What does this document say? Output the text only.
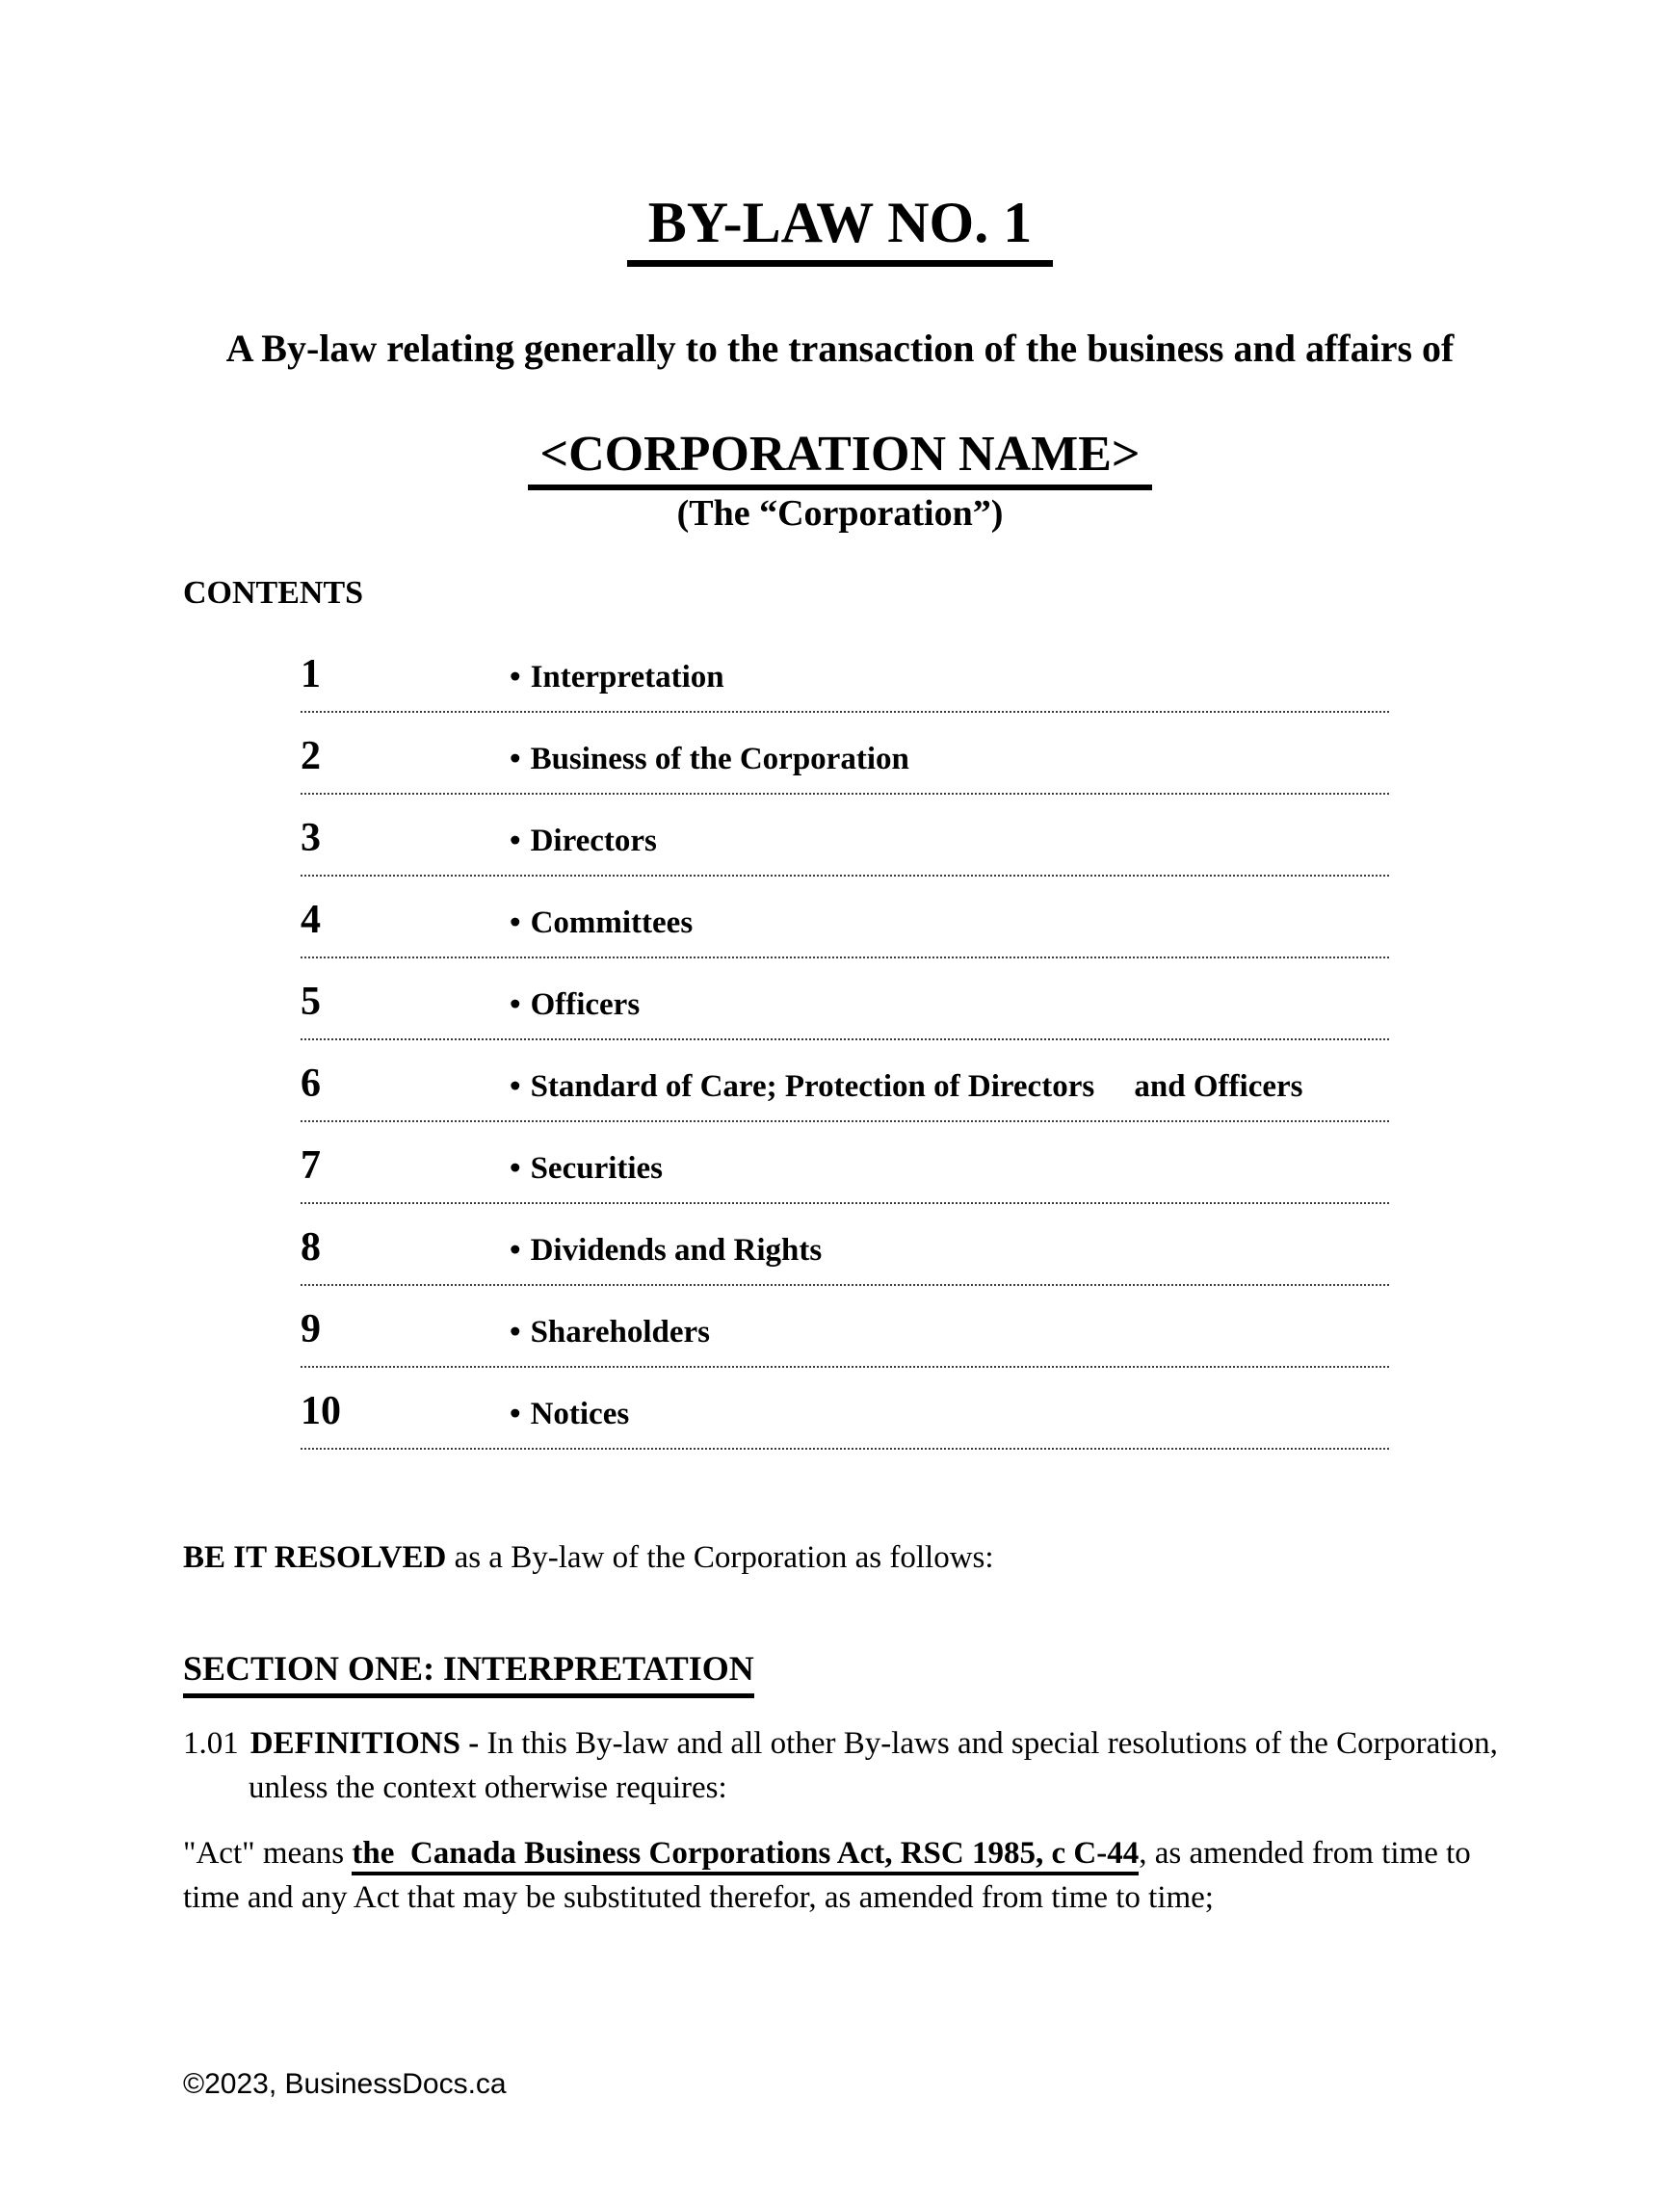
BY-LAW NO. 1

A By-law relating generally to the transaction of the business and affairs of

<CORPORATION NAME>

(The “Corporation”)

CONTENTS
1	• Interpretation
2	• Business of the Corporation
3	• Directors
4	• Committees
5	• Officers
6	• Standard of Care; Protection of Directors     and Officers
7	• Securities
8	• Dividends and Rights
9	• Shareholders
10	• Notices

BE IT RESOLVED as a By-law of the Corporation as follows:

SECTION ONE: INTERPRETATION

1.01 DEFINITIONS - In this By-law and all other By-laws and special resolutions of the Corporation, unless the context otherwise requires:

"Act" means the  Canada Business Corporations Act, RSC 1985, c C-44, as amended from time to time and any Act that may be substituted therefor, as amended from time to time;

©2023, BusinessDocs.ca
